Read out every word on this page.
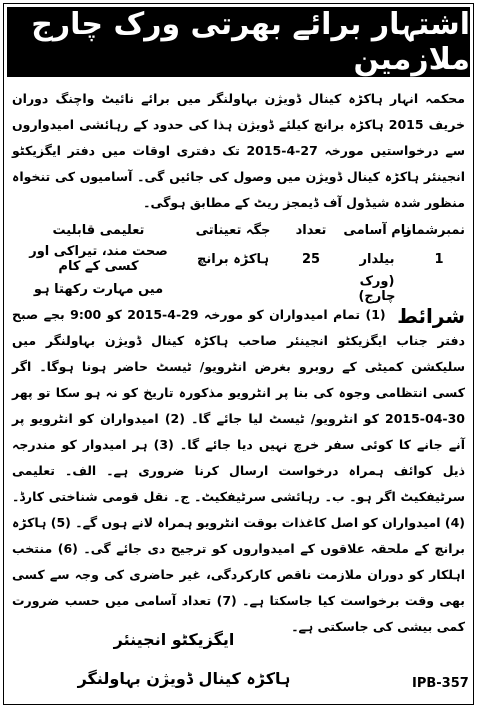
اشتہار برائے بھرتی ورک چارج ملازمین
محکمہ انہار ہاکڑہ کینال ڈویژن بہاولنگر میں برائے نائیٹ واچنگ دوران خریف 2015 ہاکڑہ برانچ کیلئے ڈویژن ہذا کی حدود کے رہائشی امیدواروں سے درخواستیں مورخہ 27-4-2015 تک دفتری اوقات میں دفتر ایگزیکٹو انجینئر ہاکڑہ کینال ڈویژن میں وصول کی جائیں گی۔ آسامیوں کی تنخواہ منظور شدہ شیڈول آف ڈیمجز ریٹ کے مطابق ہوگی۔
نمبرشمار
نام آسامی
تعداد
جگہ تعیناتی
تعلیمی قابلیت
1
بیلدار
25
ہاکڑہ برانچ
صحت مند، تیراکی اور کسی کے کام
(ورک چارج)
میں مہارت رکھتا ہو
شرائط (1) تمام امیدواران کو مورخہ 29-4-2015 کو 9:00 بجے صبح دفتر جناب ایگزیکٹو انجینئر صاحب ہاکڑہ کینال ڈویژن بہاولنگر میں سلیکشن کمیٹی کے روبرو بغرض انٹرویو/ ٹیسٹ حاضر ہونا ہوگا۔ اگر کسی انتظامی وجوہ کی بنا پر انٹرویو مذکورہ تاریخ کو نہ ہو سکا تو پھر 30-04-2015 کو انٹرویو/ ٹیسٹ لیا جائے گا۔ (2) امیدواران کو انٹرویو پر آنے جانے کا کوئی سفر خرچ نہیں دیا جائے گا۔ (3) ہر امیدوار کو مندرجہ ذیل کوائف ہمراہ درخواست ارسال کرنا ضروری ہے۔ الف۔ تعلیمی سرٹیفکیٹ اگر ہو۔ ب۔ رہائشی سرٹیفکیٹ۔ ج۔ نقل قومی شناختی کارڈ۔ (4) امیدواران کو اصل کاغذات بوقت انٹرویو ہمراہ لانے ہوں گے۔ (5) ہاکڑہ برانچ کے ملحقہ علاقوں کے امیدواروں کو ترجیح دی جائے گی۔ (6) منتخب اہلکار کو دوران ملازمت ناقص کارکردگی، غیر حاضری کی وجہ سے کسی بھی وقت برخواست کیا جاسکتا ہے۔ (7) تعداد آسامی میں حسب ضرورت کمی بیشی کی جاسکتی ہے۔
ایگزیکٹو انجینئر
ہاکڑہ کینال ڈویژن بہاولنگر	IPB-357
